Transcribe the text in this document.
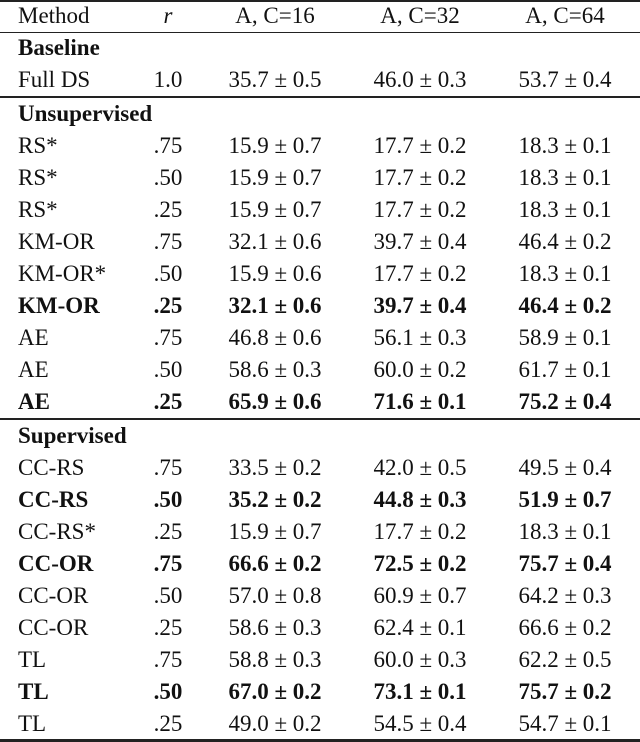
Method	r	A, C=16	A, C=32	A, C=64
Baseline
Full DS	1.0	35.7 ± 0.5	46.0 ± 0.3	53.7 ± 0.4
Unsupervised
RS*	.75	15.9 ± 0.7	17.7 ± 0.2	18.3 ± 0.1
RS*	.50	15.9 ± 0.7	17.7 ± 0.2	18.3 ± 0.1
RS*	.25	15.9 ± 0.7	17.7 ± 0.2	18.3 ± 0.1
KM-OR	.75	32.1 ± 0.6	39.7 ± 0.4	46.4 ± 0.2
KM-OR*	.50	15.9 ± 0.6	17.7 ± 0.2	18.3 ± 0.1
KM-OR	.25	32.1 ± 0.6	39.7 ± 0.4	46.4 ± 0.2
AE	.75	46.8 ± 0.6	56.1 ± 0.3	58.9 ± 0.1
AE	.50	58.6 ± 0.3	60.0 ± 0.2	61.7 ± 0.1
AE	.25	65.9 ± 0.6	71.6 ± 0.1	75.2 ± 0.4
Supervised
CC-RS	.75	33.5 ± 0.2	42.0 ± 0.5	49.5 ± 0.4
CC-RS	.50	35.2 ± 0.2	44.8 ± 0.3	51.9 ± 0.7
CC-RS*	.25	15.9 ± 0.7	17.7 ± 0.2	18.3 ± 0.1
CC-OR	.75	66.6 ± 0.2	72.5 ± 0.2	75.7 ± 0.4
CC-OR	.50	57.0 ± 0.8	60.9 ± 0.7	64.2 ± 0.3
CC-OR	.25	58.6 ± 0.3	62.4 ± 0.1	66.6 ± 0.2
TL	.75	58.8 ± 0.3	60.0 ± 0.3	62.2 ± 0.5
TL	.50	67.0 ± 0.2	73.1 ± 0.1	75.7 ± 0.2
TL	.25	49.0 ± 0.2	54.5 ± 0.4	54.7 ± 0.1
